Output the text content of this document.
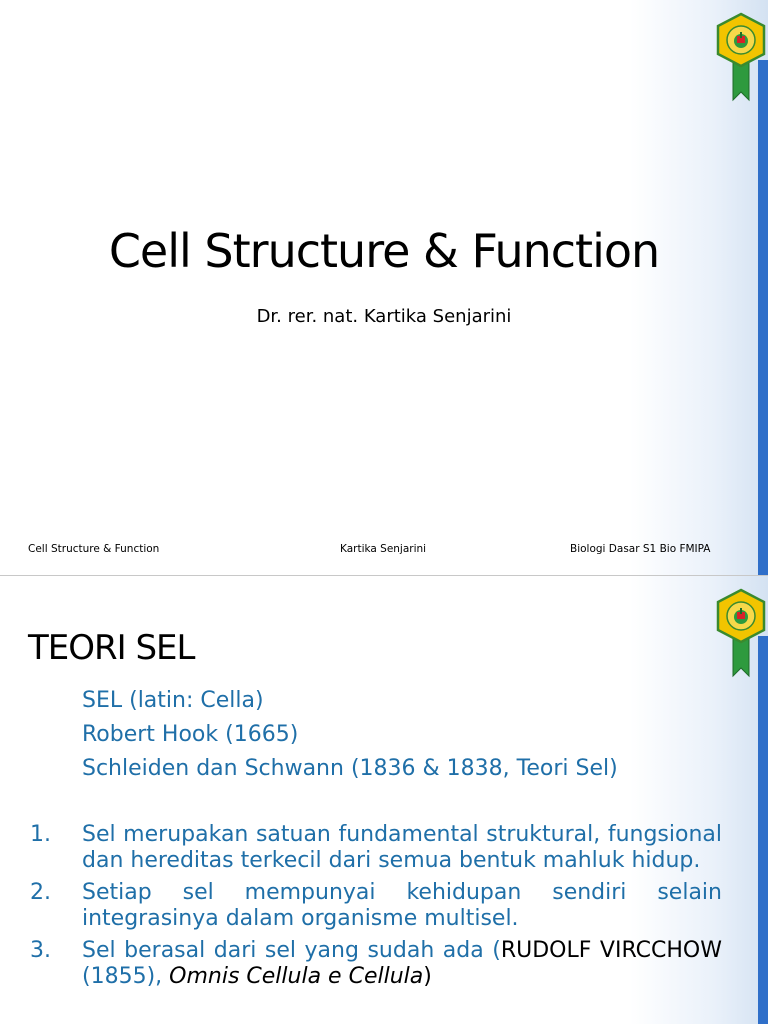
Cell Structure & Function
Dr. rer. nat. Kartika Senjarini
Cell Structure & Function	Kartika Senjarini	Biologi Dasar S1 Bio FMIPA
TEORI SEL
SEL (latin: Cella)
Robert Hook (1665)
Schleiden dan Schwann (1836 & 1838, Teori Sel)
1.	Sel merupakan satuan fundamental struktural, fungsional dan hereditas terkecil dari semua bentuk mahluk hidup.
2.	Setiap sel mempunyai kehidupan sendiri selain integrasinya dalam organisme multisel.
3.	Sel berasal dari sel yang sudah ada (RUDOLF VIRCCHOW (1855), Omnis Cellula e Cellula)
